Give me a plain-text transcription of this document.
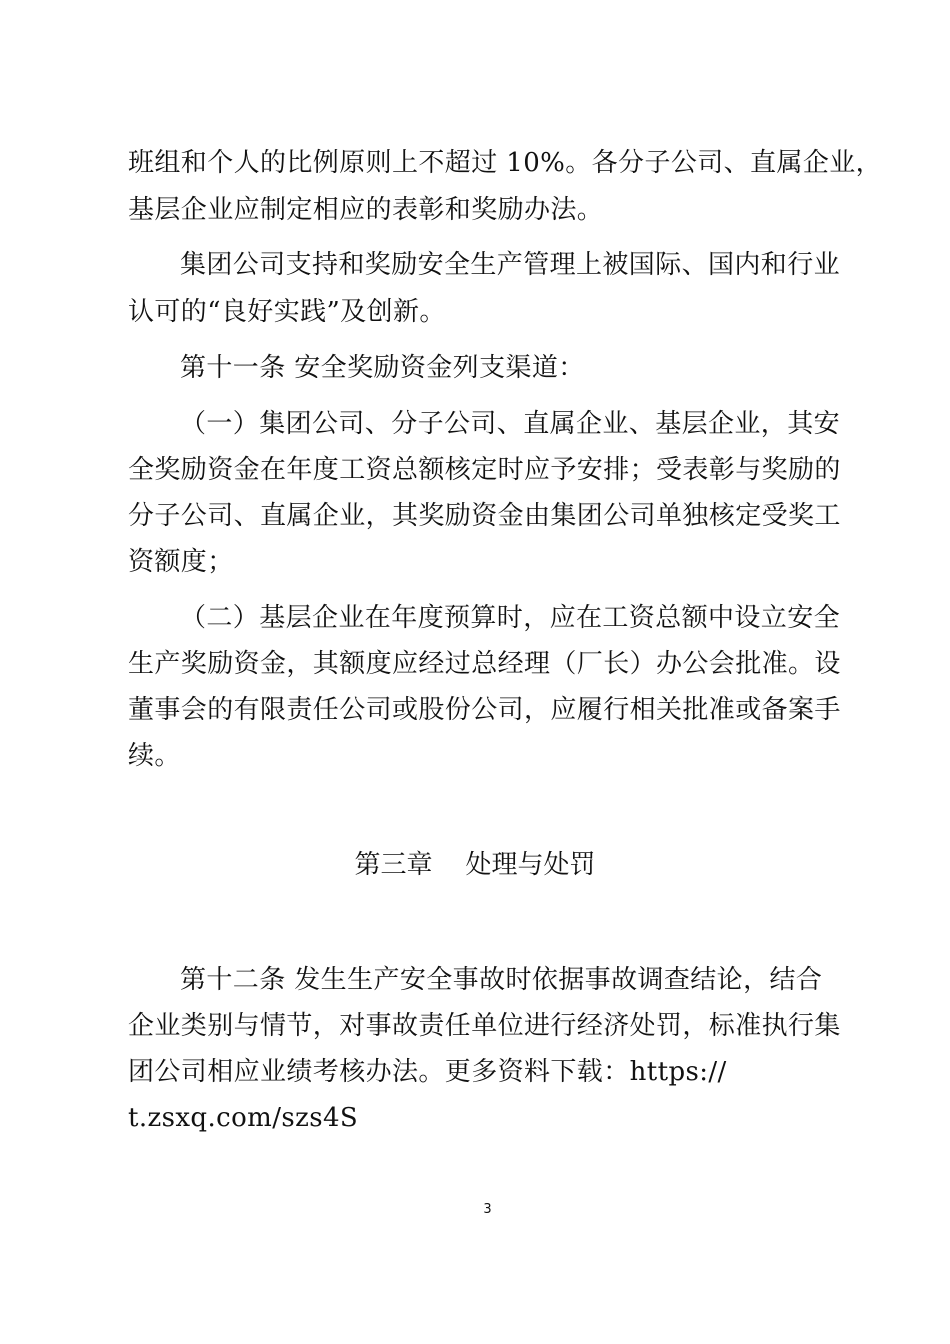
班组和个人的比例原则上不超过 10%。各分子公司、直属企业，
基层企业应制定相应的表彰和奖励办法。
集团公司支持和奖励安全生产管理上被国际、国内和行业
认可的“良好实践”及创新。
第十一条 安全奖励资金列支渠道：
（一）集团公司、分子公司、直属企业、基层企业，其安
全奖励资金在年度工资总额核定时应予安排；受表彰与奖励的
分子公司、直属企业，其奖励资金由集团公司单独核定受奖工
资额度；
（二）基层企业在年度预算时，应在工资总额中设立安全
生产奖励资金，其额度应经过总经理（厂长）办公会批准。设
董事会的有限责任公司或股份公司，应履行相关批准或备案手
续。
第三章    处理与处罚
第十二条 发生生产安全事故时依据事故调查结论，结合
企业类别与情节，对事故责任单位进行经济处罚，标准执行集
团公司相应业绩考核办法。更多资料下载：https://
t.zsxq.com/szs4S
3
